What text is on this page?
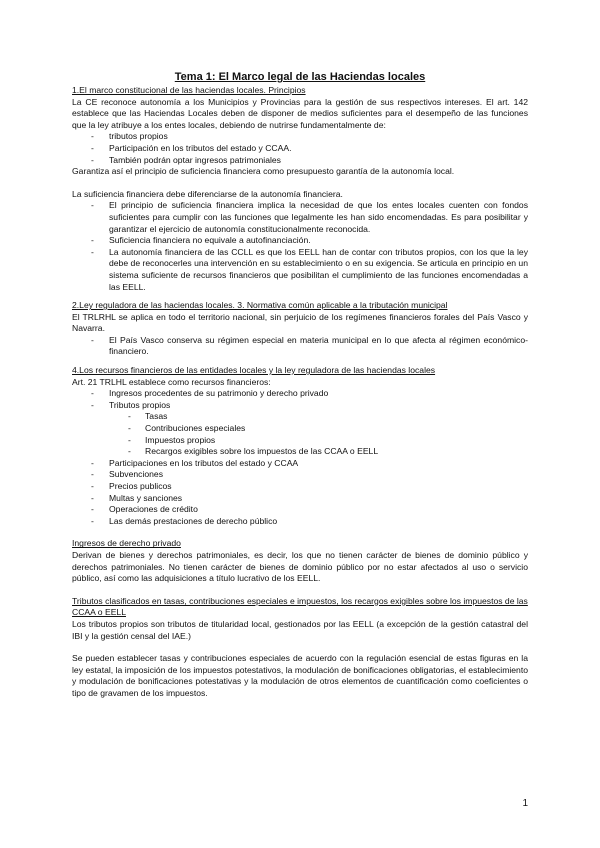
Tema 1: El Marco legal de las Haciendas locales
1.El marco constitucional de las haciendas locales. Principios

La CE reconoce autonomía a los Municipios y Provincias para la gestión de sus respectivos intereses. El art. 142 establece que las Haciendas Locales deben de disponer de medios suficientes para el desempeño de las funciones que la ley atribuye a los entes locales, debiendo de nutrirse fundamentalmente de:

- tributos propios
- Participación en los tributos del estado y CCAA.
- También podrán optar ingresos patrimoniales

Garantiza así el principio de suficiencia financiera como presupuesto garantía de la autonomía local.

La suficiencia financiera debe diferenciarse de la autonomía financiera.

- El principio de suficiencia financiera implica la necesidad de que los entes locales cuenten con fondos suficientes para cumplir con las funciones que legalmente les han sido encomendadas. Es para posibilitar y garantizar el ejercicio de autonomía constitucionalmente reconocida.
- Suficiencia financiera no equivale a autofinanciación.
- La autonomía financiera de las CCLL es que los EELL han de contar con tributos propios, con los que la ley debe de reconocerles una intervención en su establecimiento o en su exigencia. Se articula en principio en un sistema suficiente de recursos financieros que posibilitan el cumplimiento de las funciones encomendadas a las EELL.
2.Ley reguladora de las haciendas locales. 3. Normativa común aplicable a la tributación municipal

El TRLRHL se aplica en todo el territorio nacional, sin perjuicio de los regímenes financieros forales del País Vasco y Navarra.

- El País Vasco conserva su régimen especial en materia municipal en lo que afecta al régimen económico-financiero.
4.Los recursos financieros de las entidades locales y la ley reguladora de las haciendas locales

Art. 21 TRLHL establece como recursos financieros:

- Ingresos procedentes de su patrimonio y derecho privado
- Tributos propios
- Tasas
- Contribuciones especiales
- Impuestos propios
- Recargos exigibles sobre los impuestos de las CCAA o EELL
- Participaciones en los tributos del estado y CCAA
- Subvenciones
- Precios publicos
- Multas y sanciones
- Operaciones de crédito
- Las demás prestaciones de derecho público
Ingresos de derecho privado

Derivan de bienes y derechos patrimoniales, es decir, los que no tienen carácter de bienes de dominio público y derechos patrimoniales. No tienen carácter de bienes de dominio público por no estar afectados al uso o servicio público, así como las adquisiciones a título lucrativo de los EELL.

Tributos clasificados en tasas, contribuciones especiales e impuestos, los recargos exigibles sobre los impuestos de las CCAA o EELL

Los tributos propios son tributos de titularidad local, gestionados por las EELL (a excepción de la gestión catastral del IBI y la gestión censal del IAE.)

Se pueden establecer tasas y contribuciones especiales de acuerdo con la regulación esencial de estas figuras en la ley estatal, la imposición de los impuestos potestativos, la modulación de bonificaciones obligatorias, el establecimiento y modulación de bonificaciones potestativas y la modulación de otros elementos de cuantificación como coeficientes o tipo de gravamen de los impuestos.

1
